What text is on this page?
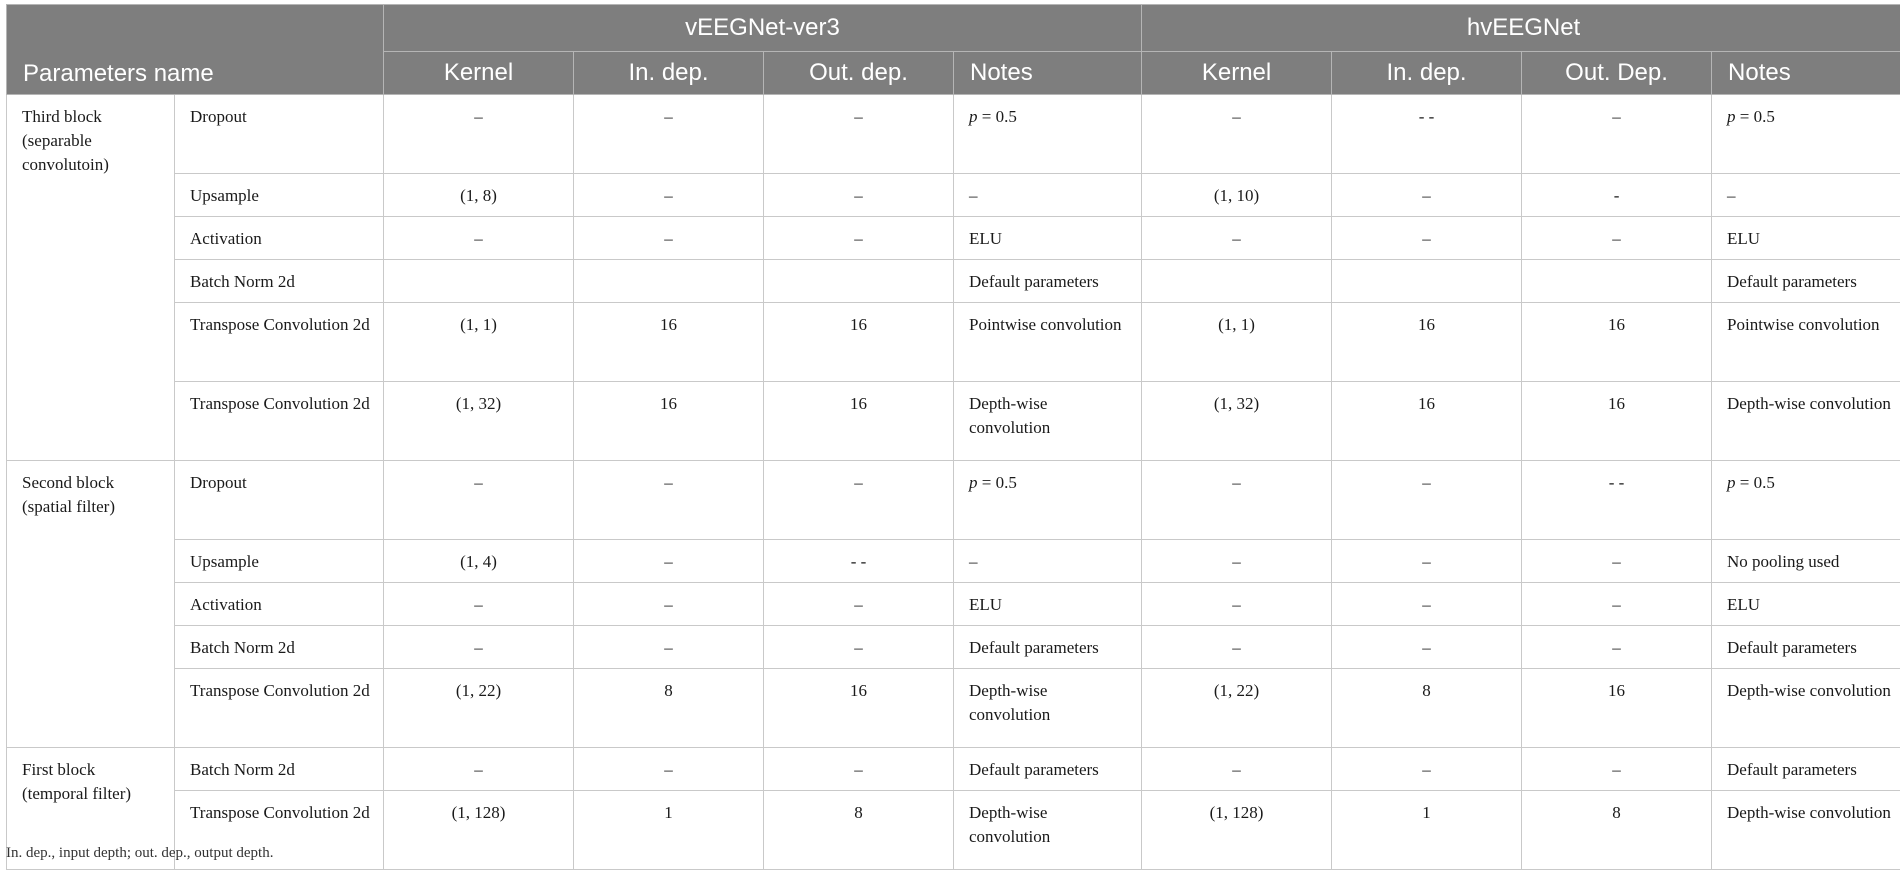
Parameters name		vEEGNet-ver3				hvEEGNet			
		Kernel	In. dep.	Out. dep.	Notes	Kernel	In. dep.	Out. Dep.	Notes
Third block (separable convolutoin)	Dropout	–	–	–	p = 0.5	–	- -	–	p = 0.5
	Upsample	(1, 8)	–	–	–	(1, 10)	–	-	–
	Activation	–	–	–	ELU	–	–	–	ELU
	Batch Norm 2d				Default parameters				Default parameters
	Transpose Convolution 2d	(1, 1)	16	16	Pointwise convolution	(1, 1)	16	16	Pointwise convolution
	Transpose Convolution 2d	(1, 32)	16	16	Depth-wise convolution	(1, 32)	16	16	Depth-wise convolution
Second block (spatial filter)	Dropout	–	–	–	p = 0.5	–	–	- -	p = 0.5
	Upsample	(1, 4)	–	- -	–	–	–	–	No pooling used
	Activation	–	–	–	ELU	–	–	–	ELU
	Batch Norm 2d	–	–	–	Default parameters	–	–	–	Default parameters
	Transpose Convolution 2d	(1, 22)	8	16	Depth-wise convolution	(1, 22)	8	16	Depth-wise convolution
First block (temporal filter)	Batch Norm 2d	–	–	–	Default parameters	–	–	–	Default parameters
	Transpose Convolution 2d	(1, 128)	1	8	Depth-wise convolution	(1, 128)	1	8	Depth-wise convolution
In. dep., input depth; out. dep., output depth.
